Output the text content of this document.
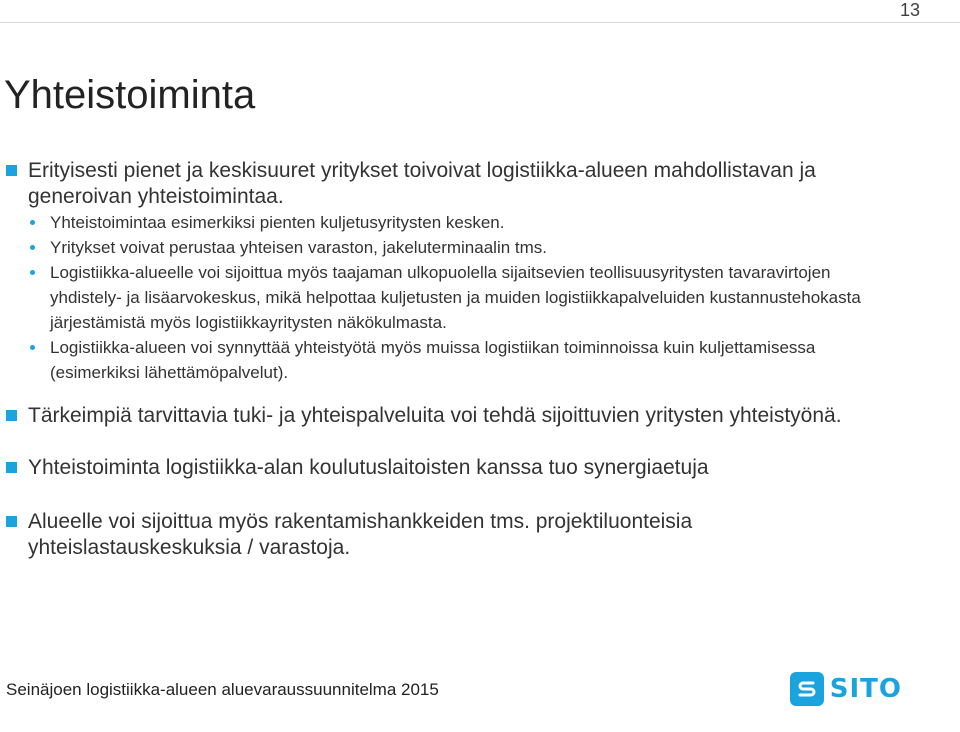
13
Yhteistoiminta
Erityisesti pienet ja keskisuuret yritykset toivoivat logistiikka-alueen mahdollistavan ja generoivan yhteistoimintaa.
Yhteistoimintaa esimerkiksi pienten kuljetusyritysten kesken.
Yritykset voivat perustaa yhteisen varaston, jakeluterminaalin tms.
Logistiikka-alueelle voi sijoittua myös taajaman ulkopuolella sijaitsevien teollisuusyritysten tavaravirtojen yhdistely- ja lisäarvokeskus, mikä helpottaa kuljetusten ja muiden logistiikkapalveluiden kustannustehokasta järjestämistä myös logistiikkayritysten näkökulmasta.
Logistiikka-alueen voi synnyttää yhteistyötä myös muissa logistiikan toiminnoissa kuin kuljettamisessa (esimerkiksi lähettämöpalvelut).
Tärkeimpiä tarvittavia tuki- ja yhteispalveluita voi tehdä sijoittuvien yritysten yhteistyönä.
Yhteistoiminta logistiikka-alan koulutuslaitoisten kanssa tuo synergiaetuja
Alueelle voi sijoittua myös rakentamishankkeiden tms. projektiluonteisia yhteislastauskeskuksia / varastoja.
Seinäjoen logistiikka-alueen aluevaraussuunnitelma 2015	SITO
